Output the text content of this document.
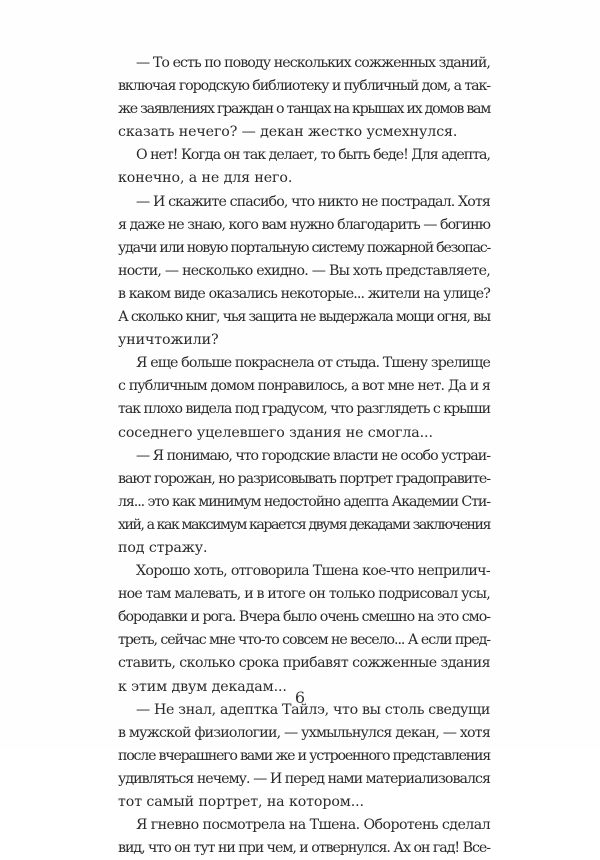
— То есть по поводу нескольких сожженных зданий,
включая городскую библиотеку и публичный дом, а так-
же заявлениях граждан о танцах на крышах их домов вам
сказать нечего? — декан жестко усмехнулся.
О нет! Когда он так делает, то быть беде! Для адепта,
конечно, а не для него.
— И скажите спасибо, что никто не пострадал. Хотя
я даже не знаю, кого вам нужно благодарить — богиню
удачи или новую портальную систему пожарной безопас-
ности, — несколько ехидно. — Вы хоть представляете,
в каком виде оказались некоторые... жители на улице?
А сколько книг, чья защита не выдержала мощи огня, вы
уничтожили?
Я еще больше покраснела от стыда. Тшену зрелище
с публичным домом понравилось, а вот мне нет. Да и я
так плохо видела под градусом, что разглядеть с крыши
соседнего уцелевшего здания не смогла...
— Я понимаю, что городские власти не особо устраи-
вают горожан, но разрисовывать портрет градоправите-
ля... это как минимум недостойно адепта Академии Сти-
хий, а как максимум карается двумя декадами заключения
под стражу.
Хорошо хоть, отговорила Тшена кое-что неприлич-
ное там малевать, и в итоге он только подрисовал усы,
бородавки и рога. Вчера было очень смешно на это смо-
треть, сейчас мне что-то совсем не весело... А если пред-
ставить, сколько срока прибавят сожженные здания
к этим двум декадам...
— Не знал, адептка Тайлэ, что вы столь сведущи
в мужской физиологии, — ухмыльнулся декан, — хотя
после вчерашнего вами же и устроенного представления
удивляться нечему. — И перед нами материализовался
тот самый портрет, на котором...
Я гневно посмотрела на Тшена. Оборотень сделал
вид, что он тут ни при чем, и отвернулся. Ах он гад! Все-
6
